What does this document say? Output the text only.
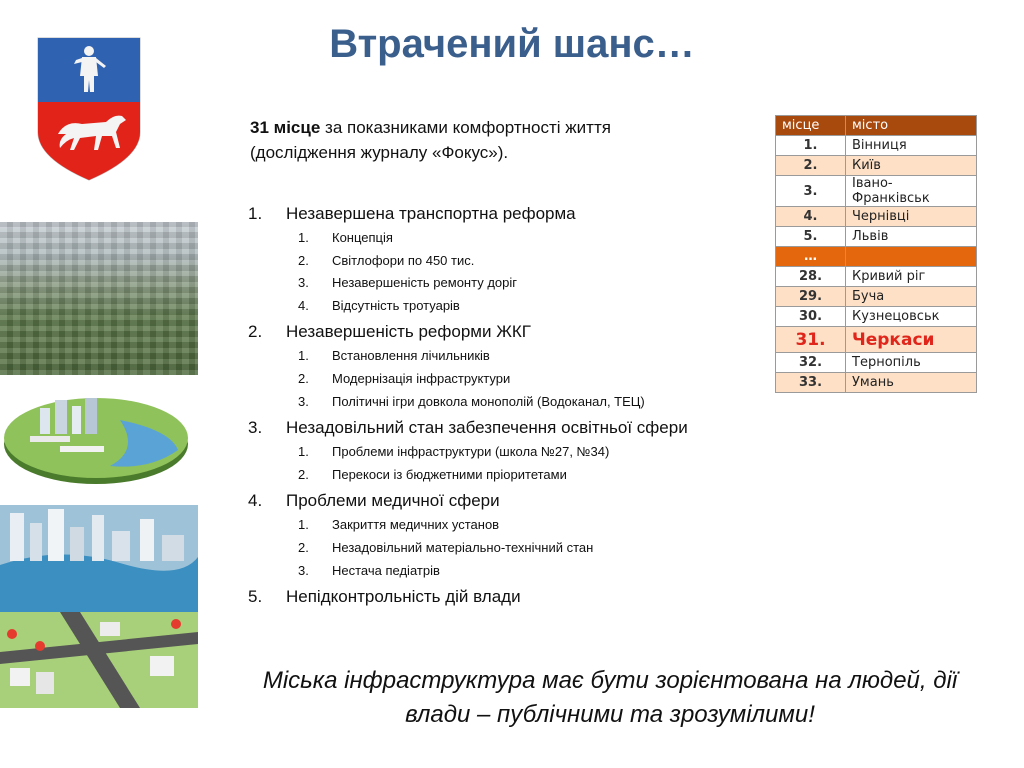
Втрачений шанс…
31 місце за показниками комфортності життя (дослідження журналу «Фокус»).
1. Незавершена транспортна реформа
1. Концепція
2. Світлофори по 450 тис.
3. Незавершеність ремонту доріг
4. Відсутність тротуарів
2. Незавершеність реформи ЖКГ
1. Встановлення лічильників
2. Модернізація інфраструктури
3. Політичні ігри довкола монополій (Водоканал, ТЕЦ)
3. Незадовільний стан забезпечення освітньої сфери
1. Проблеми інфраструктури (школа №27, №34)
2. Перекоси із бюджетними пріоритетами
4. Проблеми медичної сфери
1. Закриття медичних установ
2. Незадовільний матеріально-технічний стан
3. Нестача педіатрів
5. Непідконтрольність дій влади
місце	місто
1.	Вінниця
2.	Київ
3.	Івано-Франківськ
4.	Чернівці
5.	Львів
…	
28.	Кривий ріг
29.	Буча
30.	Кузнецовськ
31.	Черкаси
32.	Тернопіль
33.	Умань
Міська інфраструктура має бути зорієнтована на людей, дії
влади – публічними та зрозумілими!
